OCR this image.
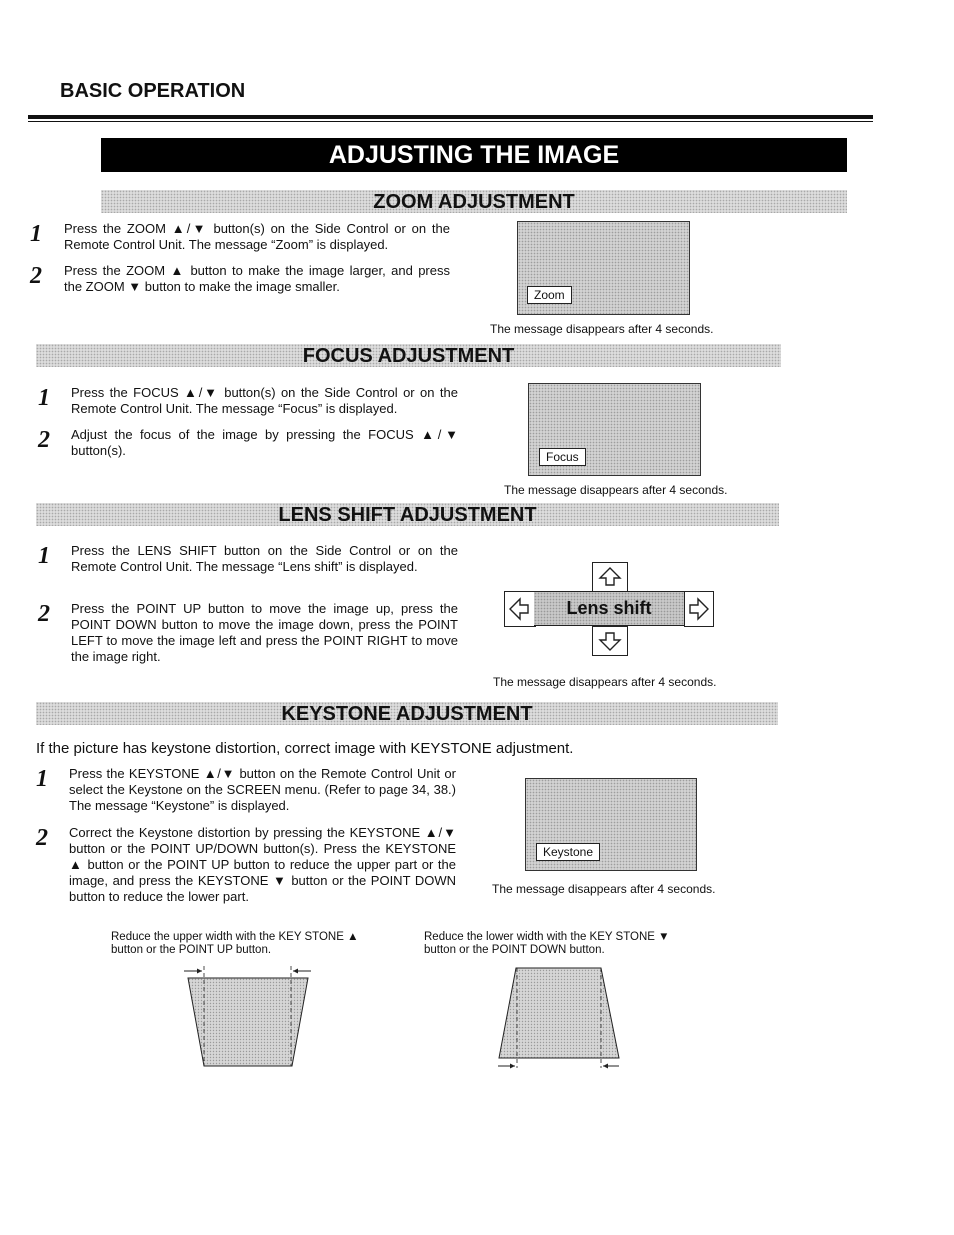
BASIC OPERATION
ADJUSTING THE IMAGE
ZOOM ADJUSTMENT
1 Press the ZOOM ▲/▼ button(s) on the Side Control or on the Remote Control Unit. The message “Zoom” is displayed.
2 Press the ZOOM ▲ button to make the image larger, and press the ZOOM ▼ button to make the image smaller.
Zoom
The message disappears after 4 seconds.
FOCUS ADJUSTMENT
1 Press the FOCUS ▲/▼ button(s) on the Side Control or on the Remote Control Unit. The message “Focus” is displayed.
2 Adjust the focus of the image by pressing the FOCUS ▲/▼ button(s).	Focus
The message disappears after 4 seconds.
LENS SHIFT ADJUSTMENT
1 Press the LENS SHIFT button on the Side Control or on the Remote Control Unit. The message “Lens shift” is displayed.
2 Press the POINT UP button to move the image up, press the POINT DOWN button to move the image down, press the POINT LEFT to move the image left and press the POINT RIGHT to move the image right.
Lens shift
The message disappears after 4 seconds.
KEYSTONE ADJUSTMENT
If the picture has keystone distortion, correct image with KEYSTONE adjustment.
1 Press the KEYSTONE ▲/▼ button on the Remote Control Unit or select the Keystone on the SCREEN menu. (Refer to page 34, 38.) The message “Keystone” is displayed.
2 Correct the Keystone distortion by pressing the KEYSTONE ▲/▼ button or the POINT UP/DOWN button(s). Press the KEYSTONE ▲ button or the POINT UP button to reduce the upper part or the image, and press the KEYSTONE ▼ button or the POINT DOWN button to reduce the lower part.
Keystone
The message disappears after 4 seconds.
Reduce the upper width with the KEY STONE ▲ button or the POINT UP button.
Reduce the lower width with the KEY STONE ▼ button or the POINT DOWN button.
